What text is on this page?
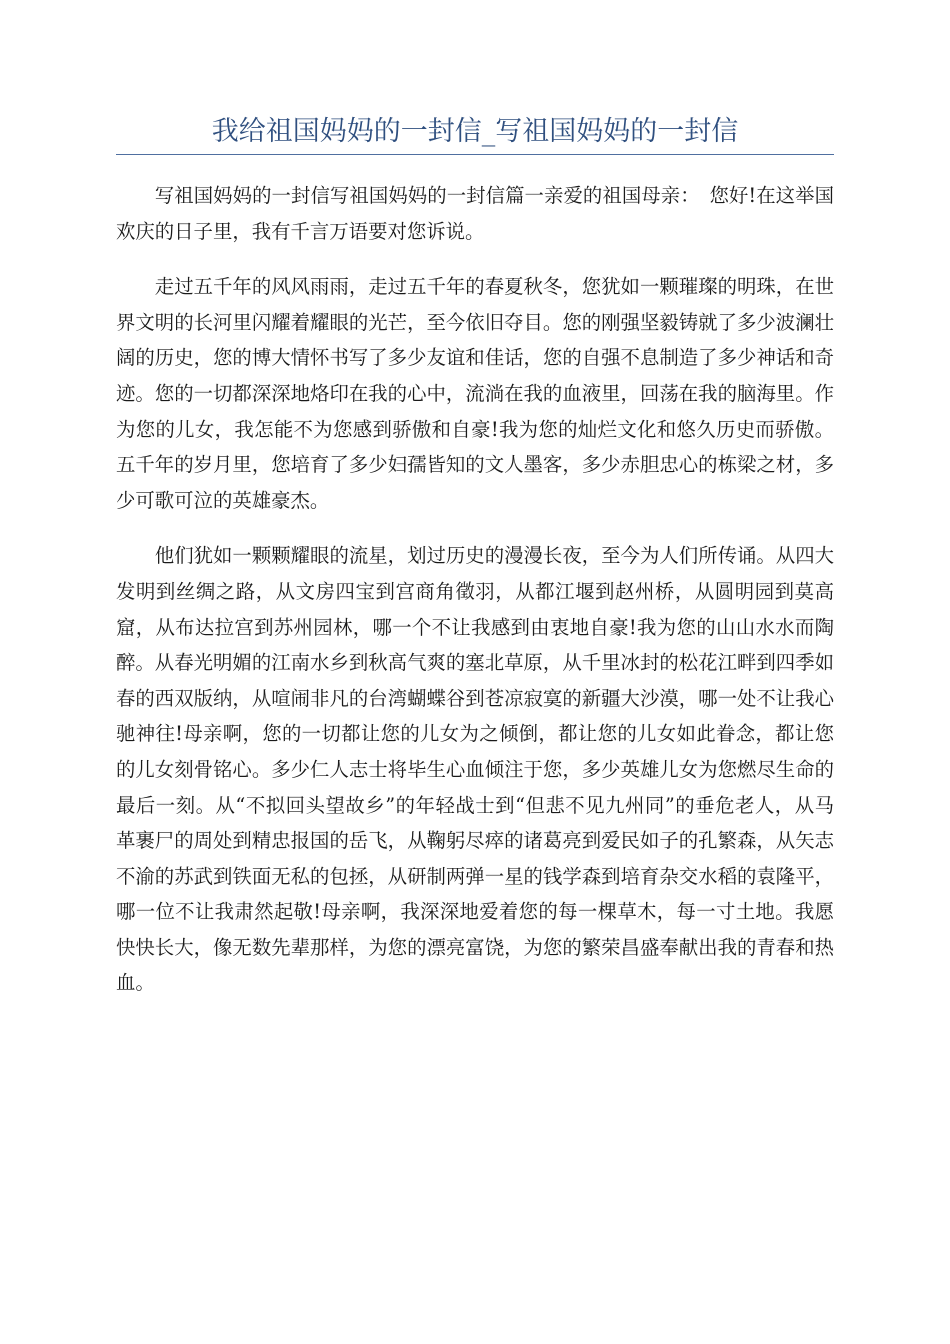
我给祖国妈妈的一封信_写祖国妈妈的一封信

写祖国妈妈的一封信写祖国妈妈的一封信篇一亲爱的祖国母亲：　您好!在这举国欢庆的日子里，我有千言万语要对您诉说。

走过五千年的风风雨雨，走过五千年的春夏秋冬，您犹如一颗璀璨的明珠，在世界文明的长河里闪耀着耀眼的光芒，至今依旧夺目。您的刚强坚毅铸就了多少波澜壮阔的历史，您的博大情怀书写了多少友谊和佳话，您的自强不息制造了多少神话和奇迹。您的一切都深深地烙印在我的心中，流淌在我的血液里，回荡在我的脑海里。作为您的儿女，我怎能不为您感到骄傲和自豪!我为您的灿烂文化和悠久历史而骄傲。五千年的岁月里，您培育了多少妇孺皆知的文人墨客，多少赤胆忠心的栋梁之材，多少可歌可泣的英雄豪杰。

他们犹如一颗颗耀眼的流星，划过历史的漫漫长夜，至今为人们所传诵。从四大发明到丝绸之路，从文房四宝到宫商角徵羽，从都江堰到赵州桥，从圆明园到莫高窟，从布达拉宫到苏州园林，哪一个不让我感到由衷地自豪!我为您的山山水水而陶醉。从春光明媚的江南水乡到秋高气爽的塞北草原，从千里冰封的松花江畔到四季如春的西双版纳，从喧闹非凡的台湾蝴蝶谷到苍凉寂寞的新疆大沙漠，哪一处不让我心驰神往!母亲啊，您的一切都让您的儿女为之倾倒，都让您的儿女如此眷念，都让您的儿女刻骨铭心。多少仁人志士将毕生心血倾注于您，多少英雄儿女为您燃尽生命的最后一刻。从“不拟回头望故乡”的年轻战士到“但悲不见九州同”的垂危老人，从马革裹尸的周处到精忠报国的岳飞，从鞠躬尽瘁的诸葛亮到爱民如子的孔繁森，从矢志不渝的苏武到铁面无私的包拯，从研制两弹一星的钱学森到培育杂交水稻的袁隆平，哪一位不让我肃然起敬!母亲啊，我深深地爱着您的每一棵草木，每一寸土地。我愿快快长大，像无数先辈那样，为您的漂亮富饶，为您的繁荣昌盛奉献出我的青春和热血。
